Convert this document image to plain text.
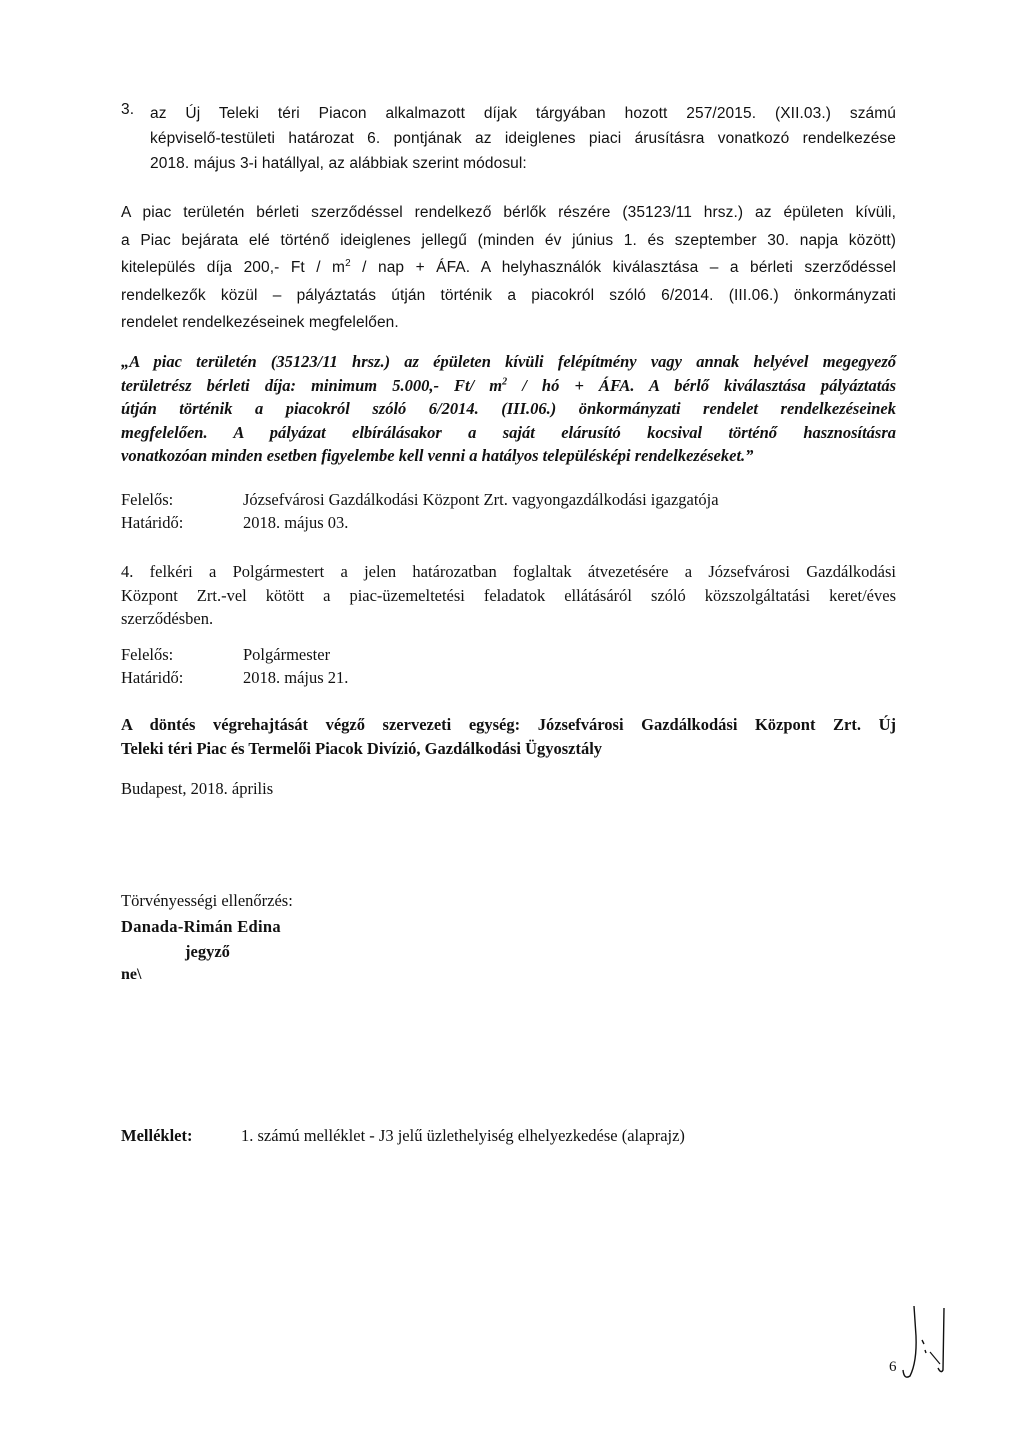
3. az Új Teleki téri Piacon alkalmazott díjak tárgyában hozott 257/2015. (XII.03.) számú
képviselő-testületi határozat 6. pontjának az ideiglenes piaci árusításra vonatkozó rendelkezése
2018. május 3-i hatállyal, az alábbiak szerint módosul:
A piac területén bérleti szerződéssel rendelkező bérlők részére (35123/11 hrsz.) az épületen kívüli,
a Piac bejárata elé történő ideiglenes jellegű (minden év június 1. és szeptember 30. napja között)
kitelepülés díja 200,- Ft / $m^2$ / nap + ÁFA. A helyhasználók kiválasztása – a bérleti szerződéssel
rendelkezők közül – pályáztatás útján történik a piacokról szóló 6/2014. (III.06.) önkormányzati
rendelet rendelkezéseinek megfelelően.
„A piac területén (35123/11 hrsz.) az épületen kívüli felépítmény vagy annak helyével megegyező
területrész bérleti díja: minimum 5.000,- Ft/ $m^2$ / hó + ÁFA. A bérlő kiválasztása pályáztatás
útján történik a piacokról szóló 6/2014. (III.06.) önkormányzati rendelet rendelkezéseinek
megfelelően. A pályázat elbírálásakor a saját elárusító kocsival történő hasznosításra
vonatkozóan minden esetben figyelembe kell venni a hatályos településképi rendelkezéseket.”
Felelős:	Józsefvárosi Gazdálkodási Központ Zrt. vagyongazdálkodási igazgatója
Határidő:	2018. május 03.
4. felkéri a Polgármestert a jelen határozatban foglaltak átvezetésére a Józsefvárosi Gazdálkodási
Központ Zrt.-vel kötött a piac-üzemeltetési feladatok ellátásáról szóló közszolgáltatási keret/éves
szerződésben.
Felelős:	Polgármester
Határidő:	2018. május 21.
A döntés végrehajtását végző szervezeti egység: Józsefvárosi Gazdálkodási Központ Zrt. Új
Teleki téri Piac és Termelői Piacok Divízió, Gazdálkodási Ügyosztály
Budapest, 2018. április
Törvényességi ellenőrzés:
Danada-Rimán Edina
jegyző
ne\
Melléklet:	1. számú melléklet - J3 jelű üzlethelyiség elhelyezkedése (alaprajz)
6
